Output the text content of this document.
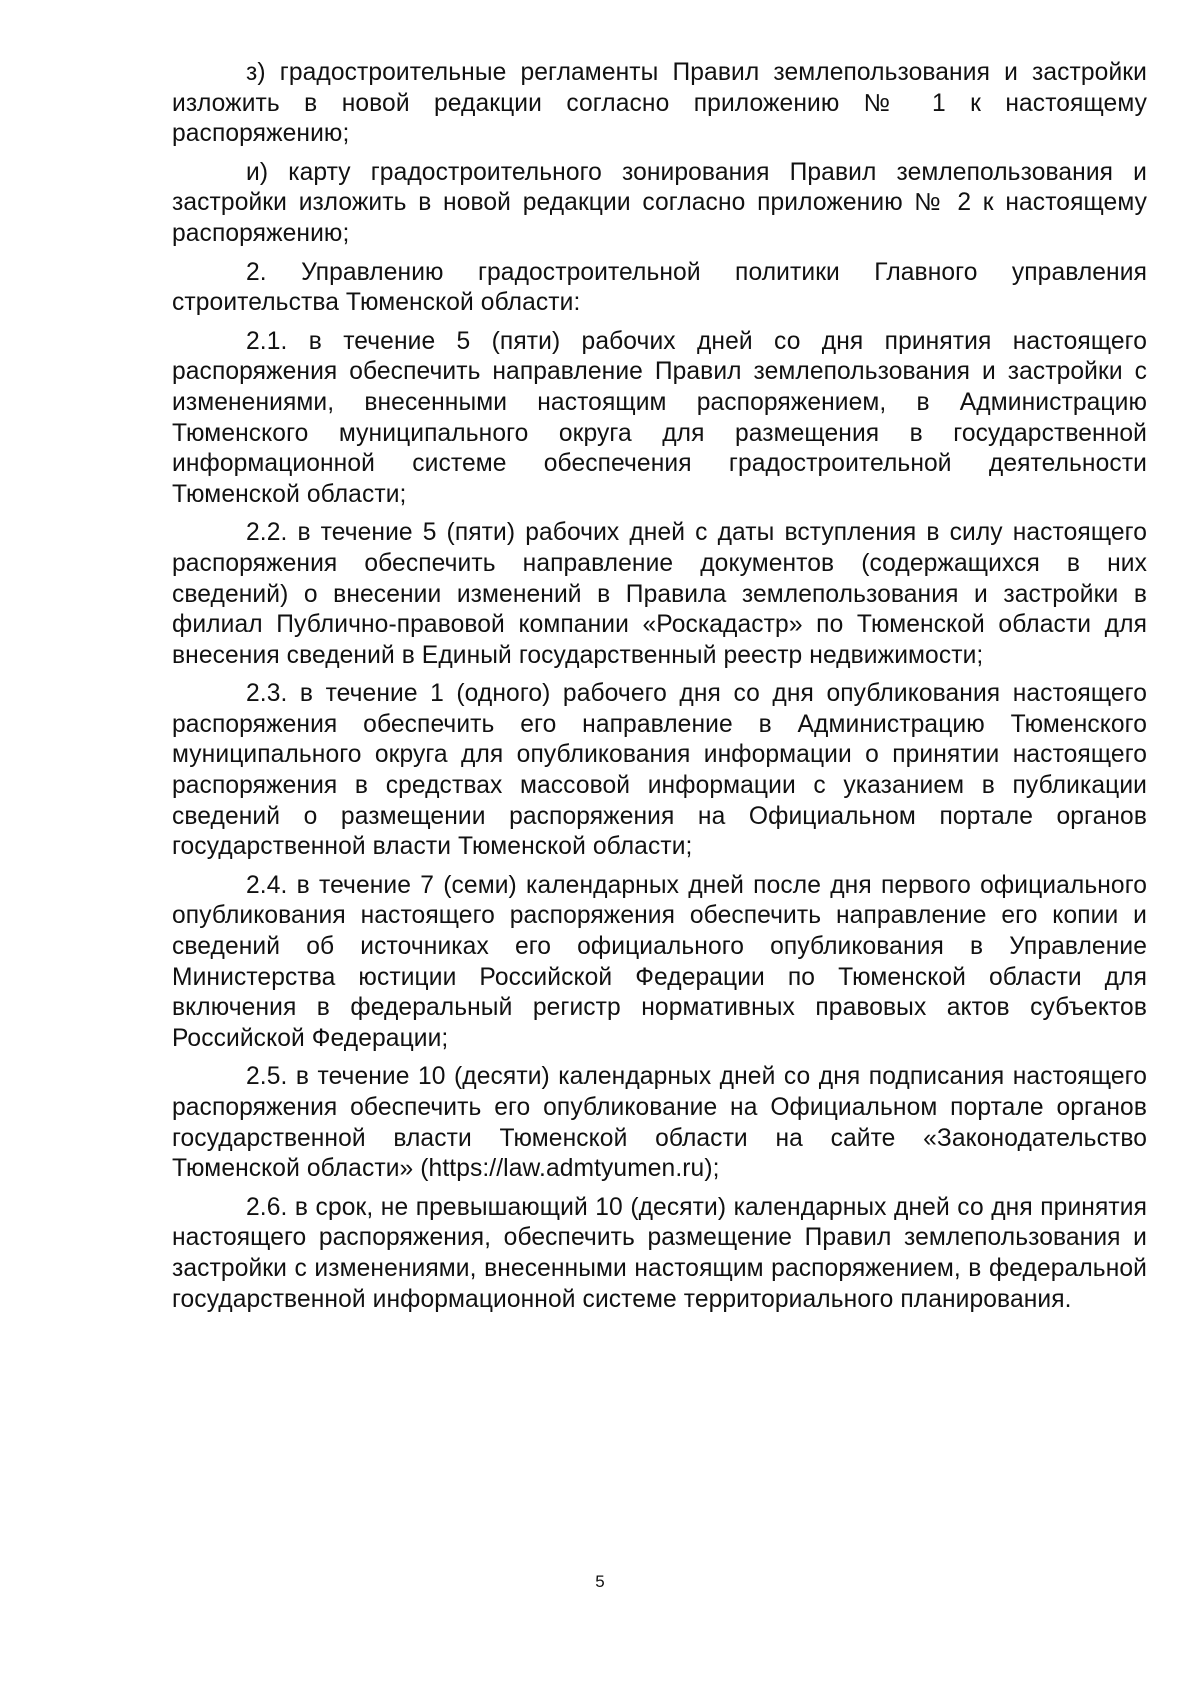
з) градостроительные регламенты Правил землепользования и застройки изложить в новой редакции согласно приложению № 1 к настоящему распоряжению;

и) карту градостроительного зонирования Правил землепользования и застройки изложить в новой редакции согласно приложению № 2 к настоящему распоряжению;

2. Управлению градостроительной политики Главного управления строительства Тюменской области:

2.1. в течение 5 (пяти) рабочих дней со дня принятия настоящего распоряжения обеспечить направление Правил землепользования и застройки с изменениями, внесенными настоящим распоряжением, в Администрацию Тюменского муниципального округа для размещения в государственной информационной системе обеспечения градостроительной деятельности Тюменской области;

2.2. в течение 5 (пяти) рабочих дней с даты вступления в силу настоящего распоряжения обеспечить направление документов (содержащихся в них сведений) о внесении изменений в Правила землепользования и застройки в филиал Публично-правовой компании «Роскадастр» по Тюменской области для внесения сведений в Единый государственный реестр недвижимости;

2.3. в течение 1 (одного) рабочего дня со дня опубликования настоящего распоряжения обеспечить его направление в Администрацию Тюменского муниципального округа для опубликования информации о принятии настоящего распоряжения в средствах массовой информации с указанием в публикации сведений о размещении распоряжения на Официальном портале органов государственной власти Тюменской области;

2.4. в течение 7 (семи) календарных дней после дня первого официального опубликования настоящего распоряжения обеспечить направление его копии и сведений об источниках его официального опубликования в Управление Министерства юстиции Российской Федерации по Тюменской области для включения в федеральный регистр нормативных правовых актов субъектов Российской Федерации;

2.5. в течение 10 (десяти) календарных дней со дня подписания настоящего распоряжения обеспечить его опубликование на Официальном портале органов государственной власти Тюменской области на сайте «Законодательство Тюменской области» (https://law.admtyumen.ru);

2.6. в срок, не превышающий 10 (десяти) календарных дней со дня принятия настоящего распоряжения, обеспечить размещение Правил землепользования и застройки с изменениями, внесенными настоящим распоряжением, в федеральной государственной информационной системе территориального планирования.

5
